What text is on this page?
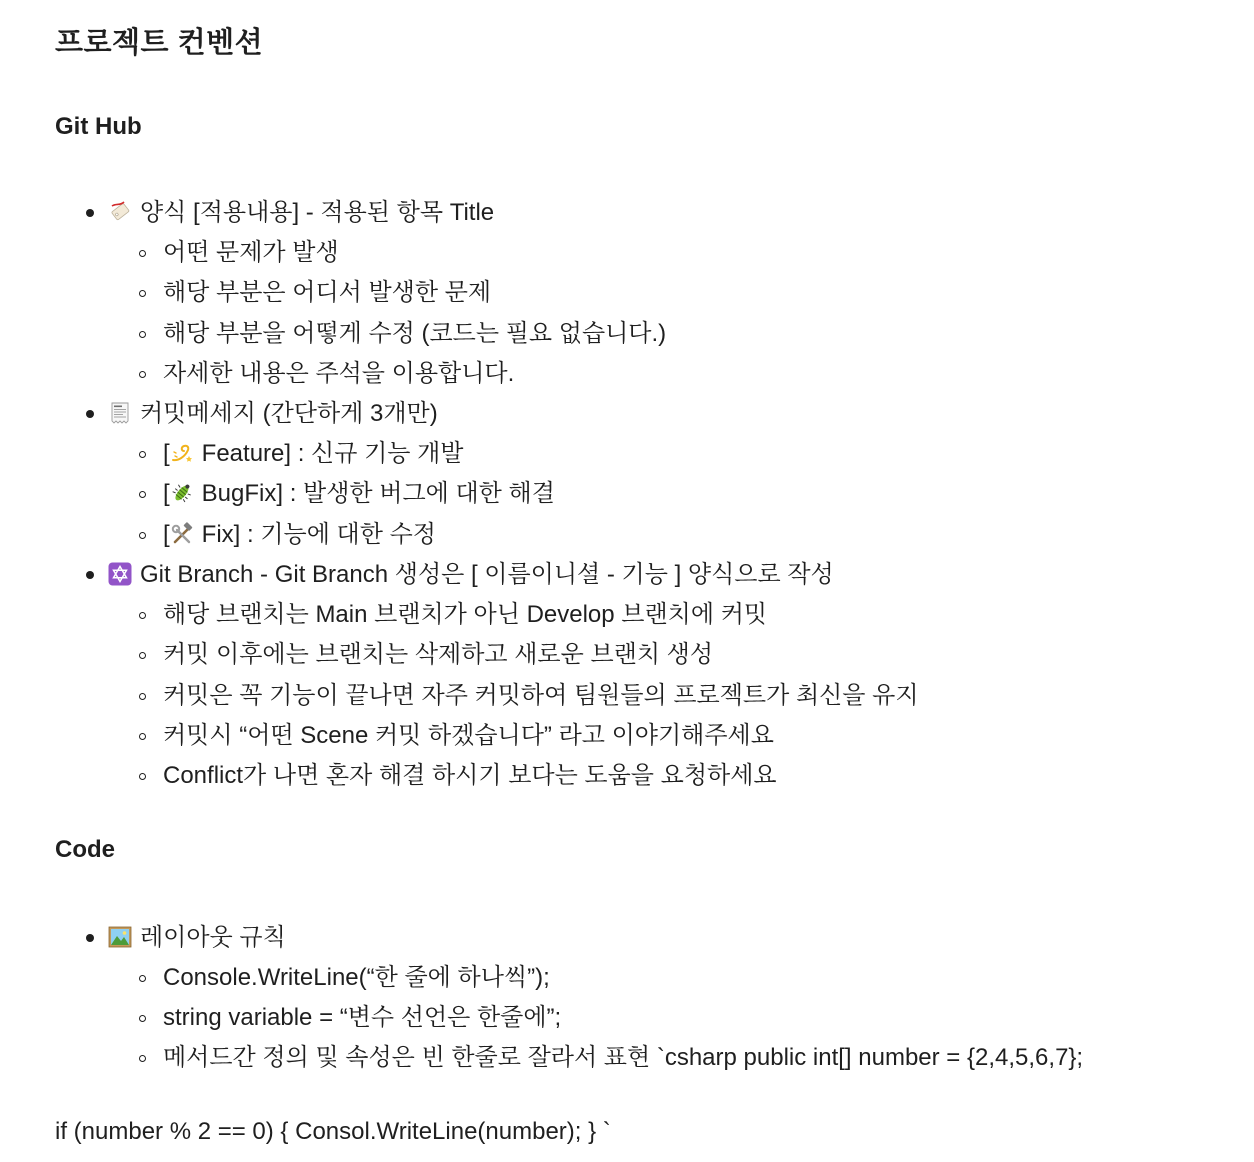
프로젝트 컨벤션
Git Hub
양식 [적용내용] - 적용된 항목 Title
어떤 문제가 발생
해당 부분은 어디서 발생한 문제
해당 부분을 어떻게 수정 (코드는 필요 없습니다.)
자세한 내용은 주석을 이용합니다.
커밋메세지 (간단하게 3개만)
[ Feature] : 신규 기능 개발
[ BugFix] : 발생한 버그에 대한 해결
[ Fix] : 기능에 대한 수정
Git Branch - Git Branch 생성은 [ 이름이니셜 - 기능 ] 양식으로 작성
해당 브랜치는 Main 브랜치가 아닌 Develop 브랜치에 커밋
커밋 이후에는 브랜치는 삭제하고 새로운 브랜치 생성
커밋은 꼭 기능이 끝나면 자주 커밋하여 팀원들의 프로젝트가 최신을 유지
커밋시 “어떤 Scene 커밋 하겠습니다” 라고 이야기해주세요
Conflict가 나면 혼자 해결 하시기 보다는 도움을 요청하세요
Code
레이아웃 규칙
Console.WriteLine(“한 줄에 하나씩”);
string variable = “변수 선언은 한줄에”;
메서드간 정의 및 속성은 빈 한줄로 잘라서 표현 `csharp public int[] number = {2,4,5,6,7};
if (number % 2 == 0) { Consol.WriteLine(number); } `
